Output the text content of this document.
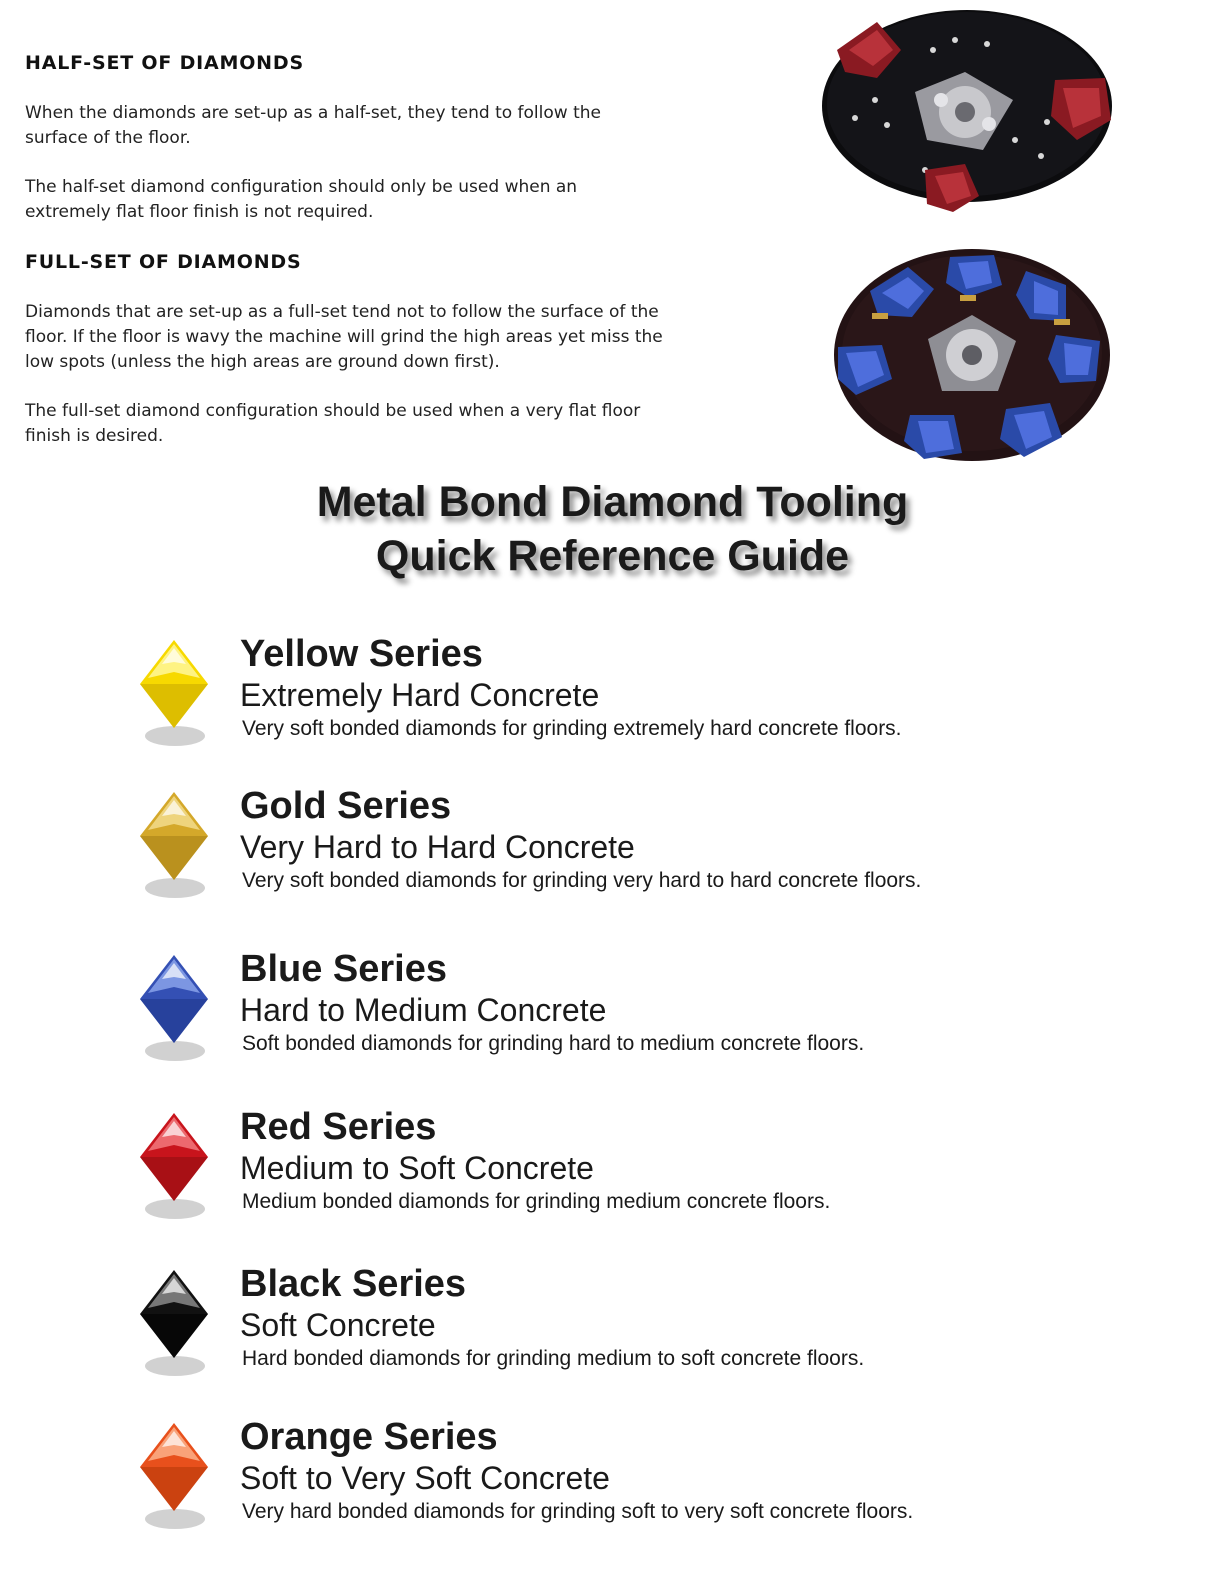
HALF-SET OF DIAMONDS

When the diamonds are set-up as a half-set, they tend to follow the
surface of the floor.

The half-set diamond configuration should only be used when an
extremely flat floor finish is not required.

FULL-SET OF DIAMONDS

Diamonds that are set-up as a full-set tend not to follow the surface of the
floor. If the floor is wavy the machine will grind the high areas yet miss the
low spots (unless the high areas are ground down first).

The full-set diamond configuration should be used when a very flat floor
finish is desired.

Metal Bond Diamond Tooling
Quick Reference Guide

Yellow Series

Extremely Hard Concrete

Very soft bonded diamonds for grinding extremely hard concrete floors.

Gold Series

Very Hard to Hard Concrete

Very soft bonded diamonds for grinding very hard to hard concrete floors.

Blue Series

Hard to Medium Concrete

Soft bonded diamonds for grinding hard to medium concrete floors.

Red Series

Medium to Soft Concrete

Medium bonded diamonds for grinding medium concrete floors.

Black Series

Soft Concrete

Hard bonded diamonds for grinding medium to soft concrete floors.

Orange Series

Soft to Very Soft Concrete

Very hard bonded diamonds for grinding soft to very soft concrete floors.
